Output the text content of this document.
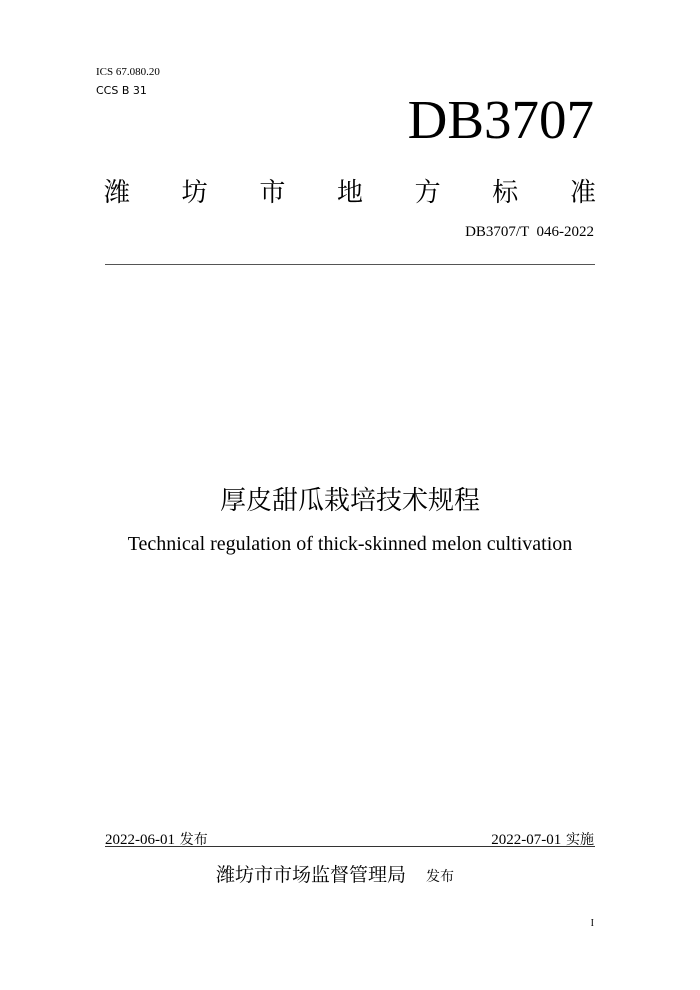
ICS 67.080.20
CCS B 31	DB3707
潍 坊 市 地 方 标 准
DB3707/T  046-2022
厚皮甜瓜栽培技术规程
Technical regulation of thick-skinned melon cultivation
2022-06-01 发布	2022-07-01 实施
潍坊市市场监督管理局 发布
I
